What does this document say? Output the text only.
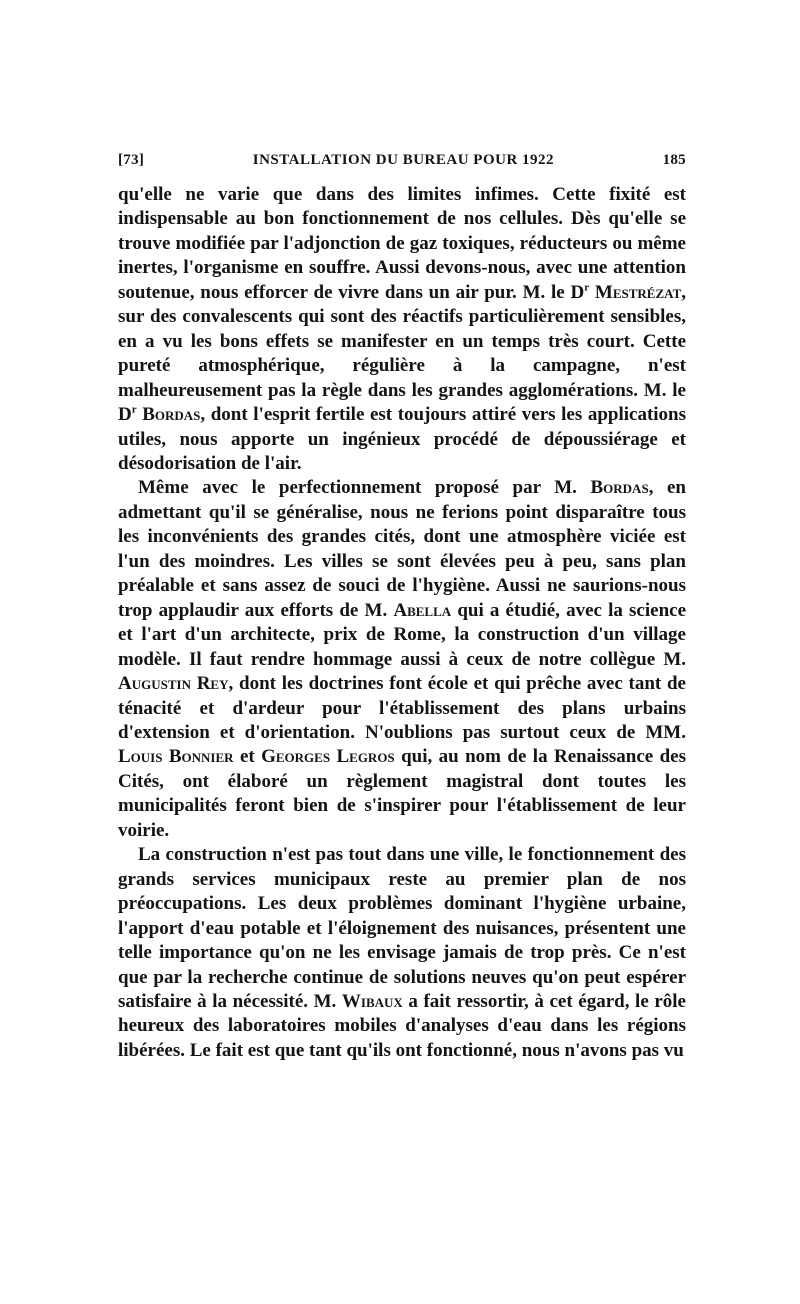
[73]	INSTALLATION DU BUREAU POUR 1922	185

qu'elle ne varie que dans des limites infimes. Cette fixité est indispensable au bon fonctionnement de nos cellules. Dès qu'elle se trouve modifiée par l'adjonction de gaz toxiques, réducteurs ou même inertes, l'organisme en souffre. Aussi devons-nous, avec une attention soutenue, nous efforcer de vivre dans un air pur. M. le $D^r$ Mestrézat, sur des convalescents qui sont des réactifs particulièrement sensibles, en a vu les bons effets se manifester en un temps très court. Cette pureté atmosphérique, régulière à la campagne, n'est malheureusement pas la règle dans les grandes agglomérations. M. le $D^r$ Bordas, dont l'esprit fertile est toujours attiré vers les applications utiles, nous apporte un ingénieux procédé de dépoussiérage et désodorisation de l'air.

Même avec le perfectionnement proposé par M. Bordas, en admettant qu'il se généralise, nous ne ferions point disparaître tous les inconvénients des grandes cités, dont une atmosphère viciée est l'un des moindres. Les villes se sont élevées peu à peu, sans plan préalable et sans assez de souci de l'hygiène. Aussi ne saurions-nous trop applaudir aux efforts de M. Abella qui a étudié, avec la science et l'art d'un architecte, prix de Rome, la construction d'un village modèle. Il faut rendre hommage aussi à ceux de notre collègue M. Augustin Rey, dont les doctrines font école et qui prêche avec tant de ténacité et d'ardeur pour l'établissement des plans urbains d'extension et d'orientation. N'oublions pas surtout ceux de MM. Louis Bonnier et Georges Legros qui, au nom de la Renaissance des Cités, ont élaboré un règlement magistral dont toutes les municipalités feront bien de s'inspirer pour l'établissement de leur voirie.

La construction n'est pas tout dans une ville, le fonctionnement des grands services municipaux reste au premier plan de nos préoccupations. Les deux problèmes dominant l'hygiène urbaine, l'apport d'eau potable et l'éloignement des nuisances, présentent une telle importance qu'on ne les envisage jamais de trop près. Ce n'est que par la recherche continue de solutions neuves qu'on peut espérer satisfaire à la nécessité. M. Wibaux a fait ressortir, à cet égard, le rôle heureux des laboratoires mobiles d'analyses d'eau dans les régions libérées. Le fait est que tant qu'ils ont fonctionné, nous n'avons pas vu
